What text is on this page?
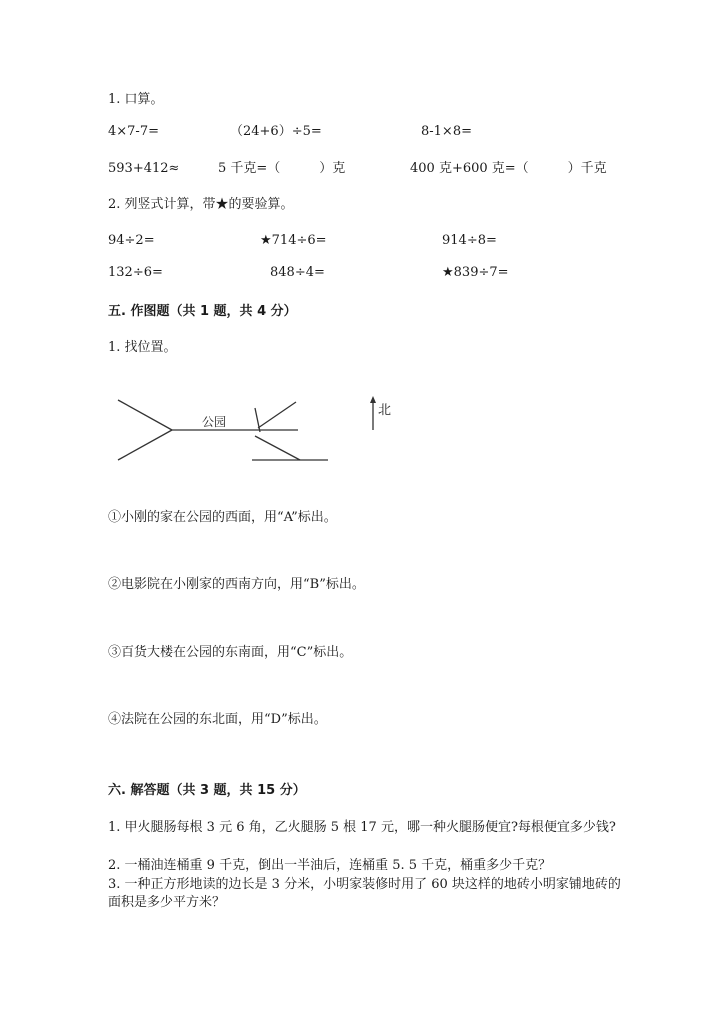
1. 口算。
4×7-7=	（24+6）÷5=	8-1×8=
593+412≈	5 千克=（　　　）克	400 克+600 克=（　　　）千克
2. 列竖式计算，带★的要验算。
94÷2=	★714÷6=	914÷8=
132÷6=	848÷4=	★839÷7=
五. 作图题（共 1 题，共 4 分）
1. 找位置。
公园
北
①小刚的家在公园的西面，用“A”标出。
②电影院在小刚家的西南方向，用“B”标出。
③百货大楼在公园的东南面，用“C”标出。
④法院在公园的东北面，用“D”标出。
六. 解答题（共 3 题，共 15 分）
1. 甲火腿肠每根 3 元 6 角，乙火腿肠 5 根 17 元，哪一种火腿肠便宜?每根便宜多少钱?
2. 一桶油连桶重 9 千克，倒出一半油后，连桶重 5. 5 千克，桶重多少千克？
3. 一种正方形地读的边长是 3 分米，小明家装修时用了 60 块这样的地砖小明家铺地砖的面积是多少平方米？
